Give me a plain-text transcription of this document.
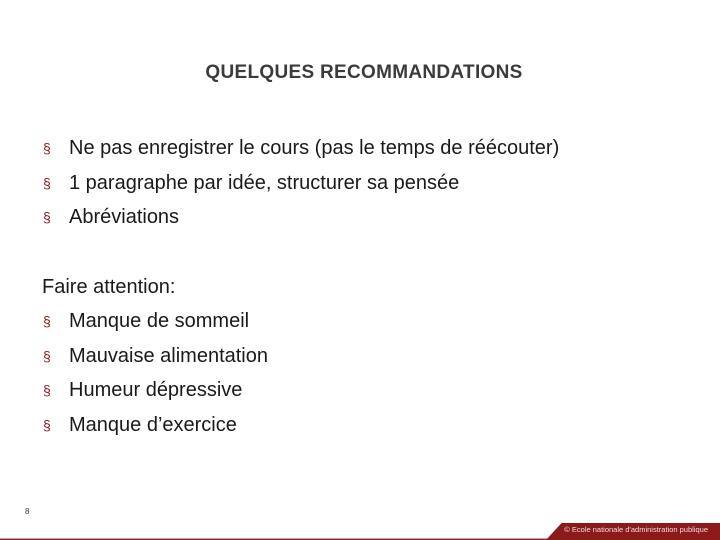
QUELQUES RECOMMANDATIONS
§ Ne pas enregistrer le cours (pas le temps de réécouter)
§ 1 paragraphe par idée, structurer sa pensée
§ Abréviations
Faire attention:
§ Manque de sommeil
§ Mauvaise alimentation
§ Humeur dépressive
§ Manque d’exercice
8
© Ecole nationale d'administration publique
